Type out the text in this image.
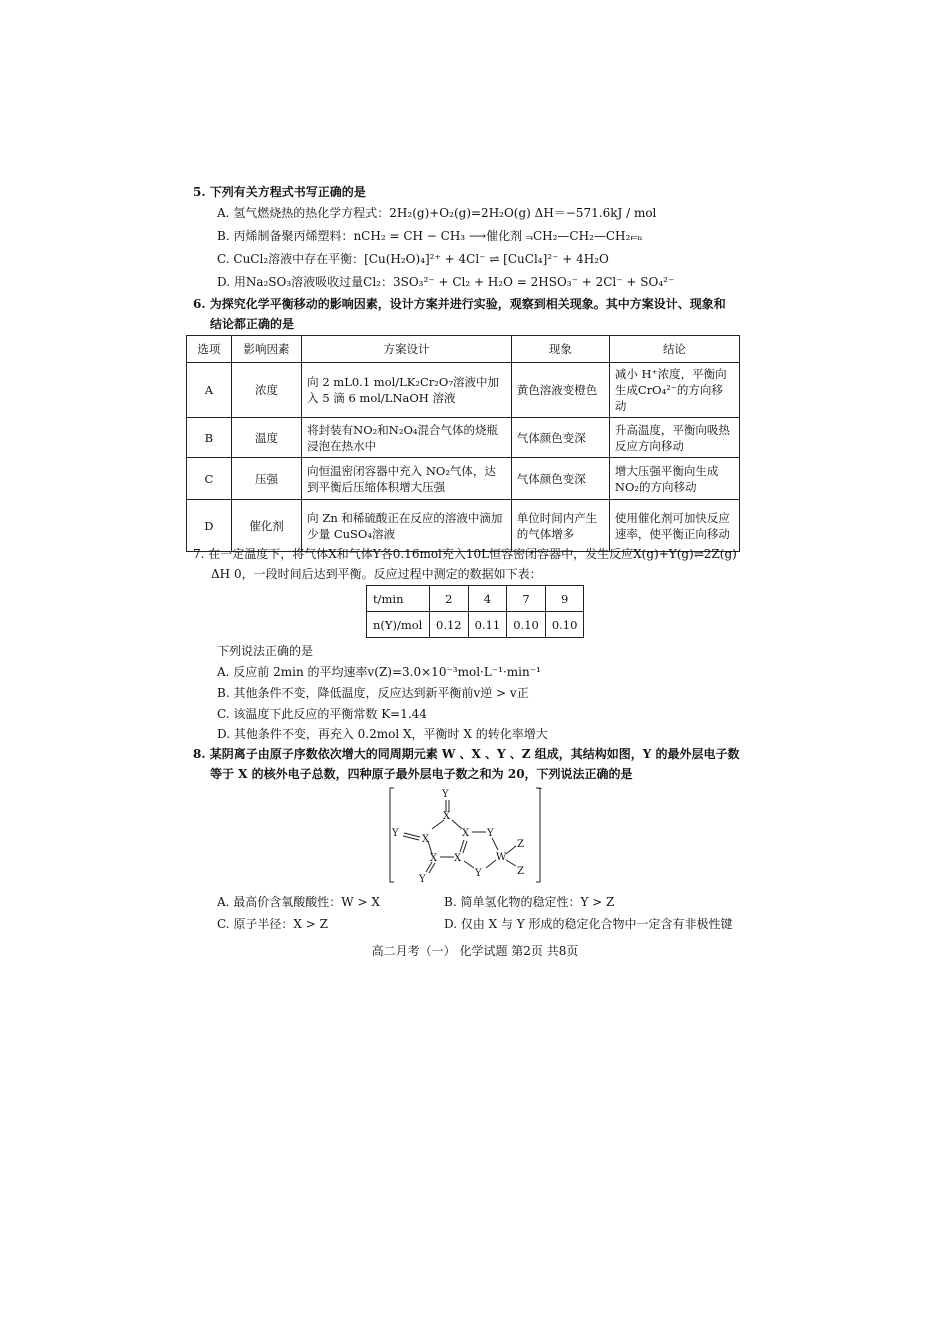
5. 下列有关方程式书写正确的是
A. 氢气燃烧热的热化学方程式：2H₂(g)+O₂(g)=2H₂O(g) ΔH＝−571.6kJ / mol
B. 丙烯制备聚丙烯塑料：nCH₂ = CH − CH₃ ⟶催化剂 ⫬CH₂—CH₂—CH₂⫭ₙ
C. CuCl₂溶液中存在平衡：[Cu(H₂O)₄]²⁺ + 4Cl⁻ ⇌ [CuCl₄]²⁻ + 4H₂O
D. 用Na₂SO₃溶液吸收过量Cl₂：3SO₃²⁻ + Cl₂ + H₂O = 2HSO₃⁻ + 2Cl⁻ + SO₄²⁻
6. 为探究化学平衡移动的影响因素，设计方案并进行实验，观察到相关现象。其中方案设计、现象和
结论都正确的是
选项	影响因素	方案设计	现象	结论
A	浓度	向 2 mL0.1 mol/LK₂Cr₂O₇溶液中加入 5 滴 6 mol/LNaOH 溶液	黄色溶液变橙色	减小 H⁺浓度，平衡向生成CrO₄²⁻的方向移动
B	温度	将封装有NO₂和N₂O₄混合气体的烧瓶浸泡在热水中	气体颜色变深	升高温度，平衡向吸热反应方向移动
C	压强	向恒温密闭容器中充入 NO₂气体，达到平衡后压缩体积增大压强	气体颜色变深	增大压强平衡向生成NO₂的方向移动
D	催化剂	向 Zn 和稀硫酸正在反应的溶液中滴加少量 CuSO₄溶液	单位时间内产生的气体增多	使用催化剂可加快反应速率，使平衡正向移动
7. 在一定温度下，将气体X和气体Y各0.16mol充入10L恒容密闭容器中，发生反应X(g)+Y(g)⇌2Z(g)
ΔH 0，一段时间后达到平衡。反应过程中测定的数据如下表：
t/min	2	4	7	9
n(Y)/mol	0.12	0.11	0.10	0.10
下列说法正确的是
A. 反应前 2min 的平均速率v(Z)=3.0×10⁻³mol·L⁻¹·min⁻¹
B. 其他条件不变，降低温度，反应达到新平衡前v逆 > v正
C. 该温度下此反应的平衡常数 K=1.44
D. 其他条件不变，再充入 0.2mol X，平衡时 X 的转化率增大
8. 某阴离子由原子序数依次增大的同周期元素 W 、X 、Y 、Z 组成，其结构如图，Y 的最外层电子数
等于 X 的核外电子总数，四种原子最外层电子数之和为 20，下列说法正确的是
Y
X
Y
X
X Y
X X
Y
W
Z
Z
Y
⁻
A. 最高价含氧酸酸性：W > X	B. 简单氢化物的稳定性：Y > Z
C. 原子半径：X > Z	D. 仅由 X 与 Y 形成的稳定化合物中一定含有非极性键
高二月考（一） 化学试题 第2页 共8页
